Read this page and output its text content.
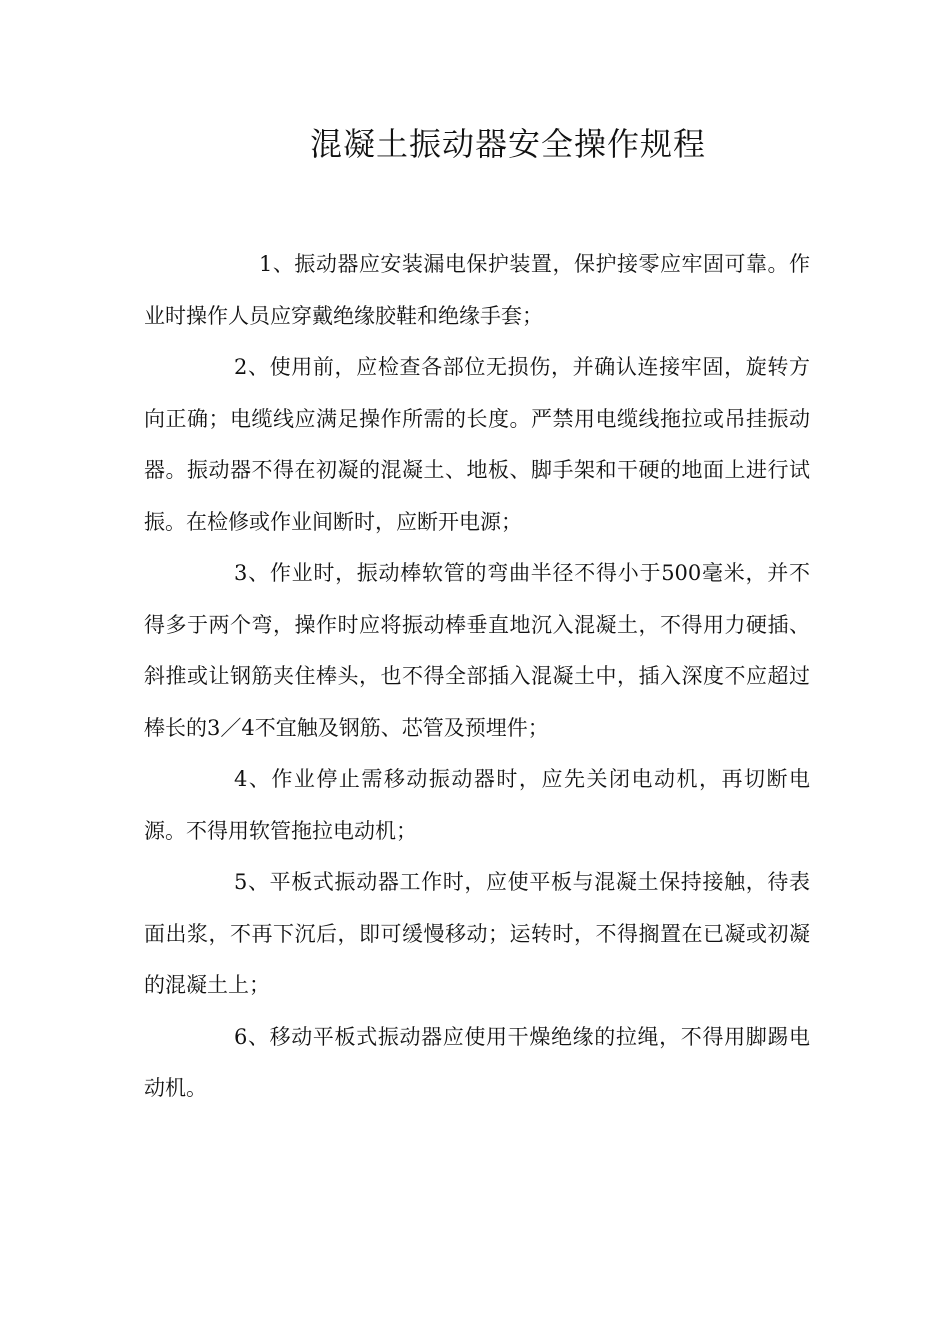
混凝土振动器安全操作规程

1、振动器应安装漏电保护装置，保护接零应牢固可靠。作业时操作人员应穿戴绝缘胶鞋和绝缘手套；

2、使用前，应检查各部位无损伤，并确认连接牢固，旋转方向正确；电缆线应满足操作所需的长度。严禁用电缆线拖拉或吊挂振动器。振动器不得在初凝的混凝土、地板、脚手架和干硬的地面上进行试振。在检修或作业间断时，应断开电源；

3、作业时，振动棒软管的弯曲半径不得小于500毫米，并不得多于两个弯，操作时应将振动棒垂直地沉入混凝土，不得用力硬插、斜推或让钢筋夹住棒头，也不得全部插入混凝土中，插入深度不应超过棒长的3／4不宜触及钢筋、芯管及预埋件；

4、作业停止需移动振动器时，应先关闭电动机，再切断电源。不得用软管拖拉电动机；

5、平板式振动器工作时，应使平板与混凝土保持接触，待表面出浆，不再下沉后，即可缓慢移动；运转时，不得搁置在已凝或初凝的混凝土上；

6、移动平板式振动器应使用干燥绝缘的拉绳，不得用脚踢电动机。
